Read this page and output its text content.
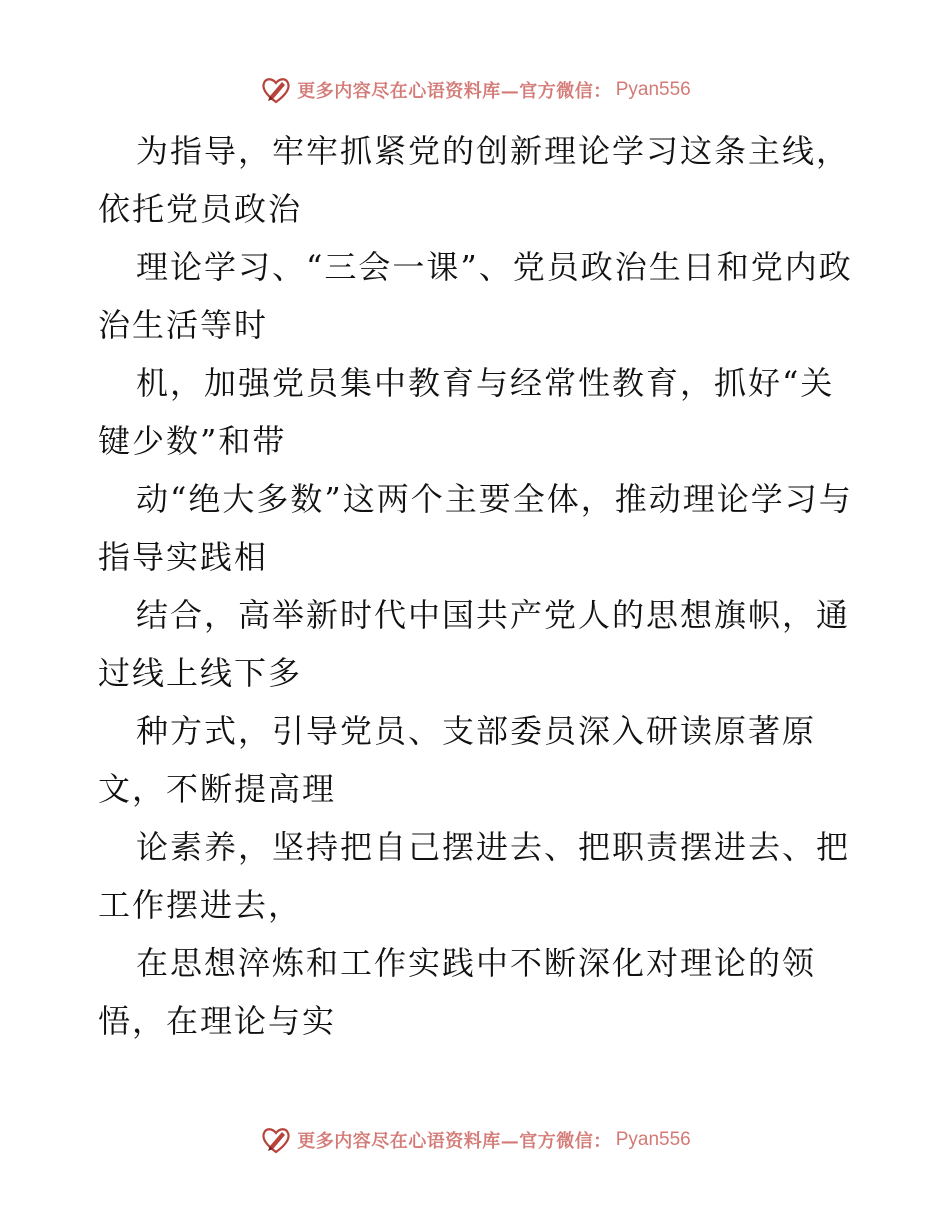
更多内容尽在心语资料库—官方微信： Pyan556

为指导，牢牢抓紧党的创新理论学习这条主线，依托党员政治

理论学习、“三会一课”、党员政治生日和党内政治生活等时

机，加强党员集中教育与经常性教育，抓好“关键少数”和带

动“绝大多数”这两个主要全体，推动理论学习与指导实践相

结合，高举新时代中国共产党人的思想旗帜，通过线上线下多

种方式，引导党员、支部委员深入研读原著原文，不断提高理

论素养，坚持把自己摆进去、把职责摆进去、把工作摆进去，

在思想淬炼和工作实践中不断深化对理论的领悟，在理论与实

更多内容尽在心语资料库—官方微信： Pyan556
